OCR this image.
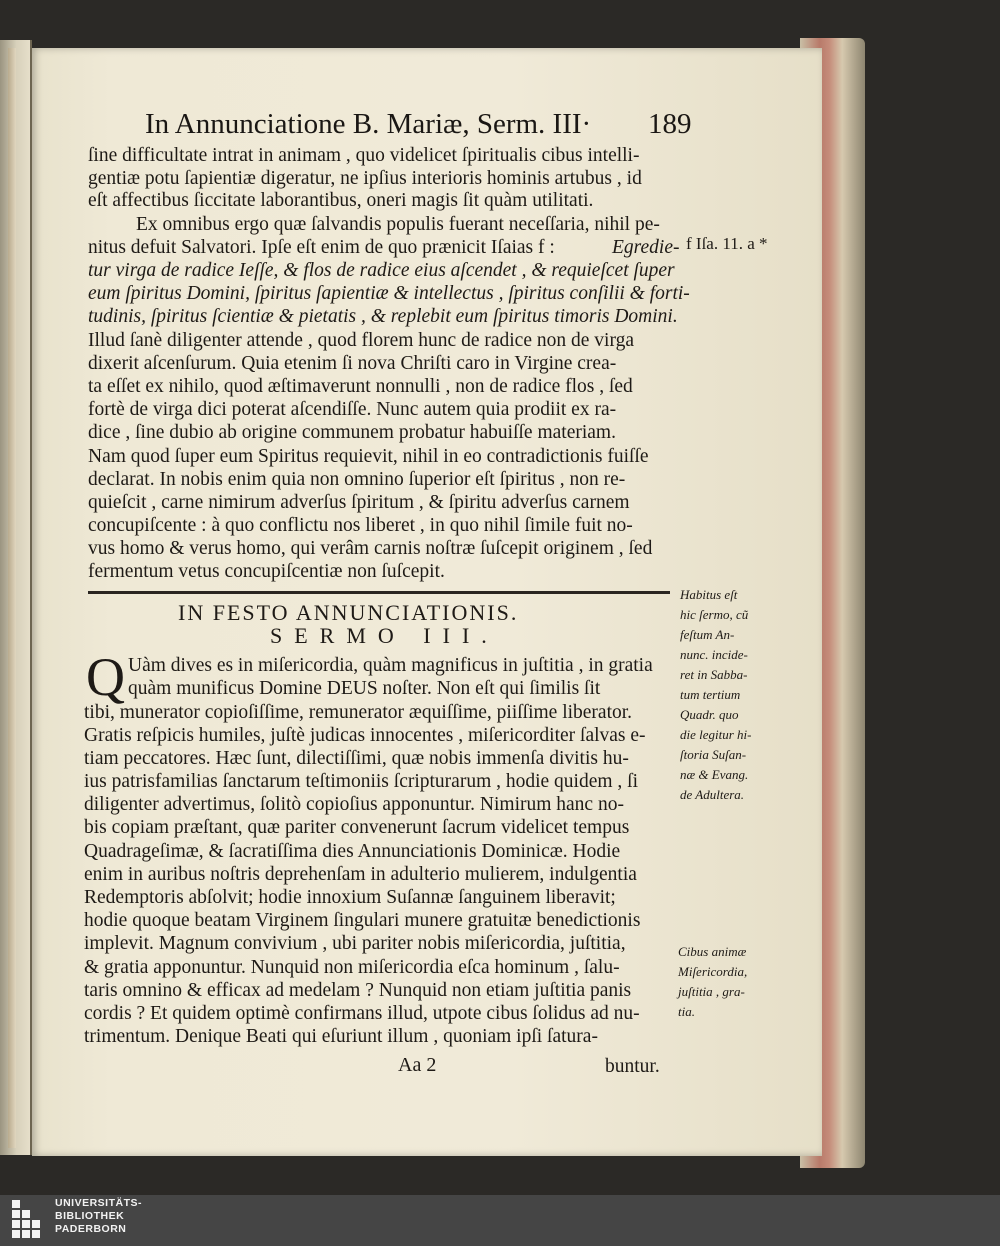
In Annunciatione B. Mariæ, Serm. III·	189
ſine difficultate intrat in animam , quo videlicet ſpiritualis cibus intelli-
gentiæ potu ſapientiæ digeratur, ne ipſius interioris hominis artubus , id
eſt affectibus ſiccitate laborantibus, oneri magis ſit quàm utilitati.
Ex omnibus ergo quæ ſalvandis populis fuerant neceſſaria, nihil pe-
nitus defuit Salvatori. Ipſe eſt enim de quo prænicit Iſaias f :	Egredie-
tur virga de radice Ieſſe, & flos de radice eius aſcendet , & requieſcet ſuper
eum ſpiritus Domini, ſpiritus ſapientiæ & intellectus , ſpiritus conſilii & forti-
tudinis, ſpiritus ſcientiæ & pietatis , & replebit eum ſpiritus timoris Domini.
Illud ſanè diligenter attende , quod florem hunc de radice non de virga
dixerit aſcenſurum. Quia etenim ſi nova Chriſti caro in Virgine crea-
ta eſſet ex nihilo, quod æſtimaverunt nonnulli , non de radice flos , ſed
fortè de virga dici poterat aſcendiſſe. Nunc autem quia prodiit ex ra-
dice , ſine dubio ab origine communem probatur habuiſſe materiam.
Nam quod ſuper eum Spiritus requievit, nihil in eo contradictionis fuiſſe
declarat. In nobis enim quia non omnino ſuperior eſt ſpiritus , non re-
quieſcit , carne nimirum adverſus ſpiritum , & ſpiritu adverſus carnem
concupiſcente : à quo conflictu nos liberet , in quo nihil ſimile fuit no-
vus homo & verus homo, qui verâm carnis noſtræ ſuſcepit originem , ſed
fermentum vetus concupiſcentiæ non ſuſcepit.
f Iſa. 11. a *
IN FESTO ANNUNCIATIONIS.
SERMO III.
Q Uàm dives es in miſericordia, quàm magnificus in juſtitia , in gratia
quàm munificus Domine DEUS noſter. Non eſt qui ſimilis ſit
tibi, munerator copioſiſſime, remunerator æquiſſime, piiſſime liberator.
Gratis reſpicis humiles, juſtè judicas innocentes , miſericorditer ſalvas e-
tiam peccatores. Hæc ſunt, dilectiſſimi, quæ nobis immenſa divitis hu-
ius patrisfamilias ſanctarum teſtimoniis ſcripturarum , hodie quidem , ſi
diligenter advertimus, ſolitò copioſius apponuntur. Nimirum hanc no-
bis copiam præſtant, quæ pariter convenerunt ſacrum videlicet tempus
Quadrageſimæ, & ſacratiſſima dies Annunciationis Dominicæ. Hodie
enim in auribus noſtris deprehenſam in adulterio mulierem, indulgentia
Redemptoris abſolvit; hodie innoxium Suſannæ ſanguinem liberavit;
hodie quoque beatam Virginem ſingulari munere gratuitæ benedictionis
implevit. Magnum convivium , ubi pariter nobis miſericordia, juſtitia,
& gratia apponuntur. Nunquid non miſericordia eſca hominum , ſalu-
taris omnino & efficax ad medelam ? Nunquid non etiam juſtitia panis
cordis ? Et quidem optimè confirmans illud, utpote cibus ſolidus ad nu-
trimentum. Denique Beati qui eſuriunt illum , quoniam ipſi ſatura-
Habitus eſt
hic ſermo, cũ
feſtum An-
nunc. incide-
ret in Sabba-
tum tertium
Quadr. quo
die legitur hi-
ſtoria Suſan-
næ & Evang.
de Adultera.
Cibus animæ
Miſericordia,
juſtitia , gra-
tia.
Aa 2	buntur.
UNIVERSITÄTS-
BIBLIOTHEK
PADERBORN
